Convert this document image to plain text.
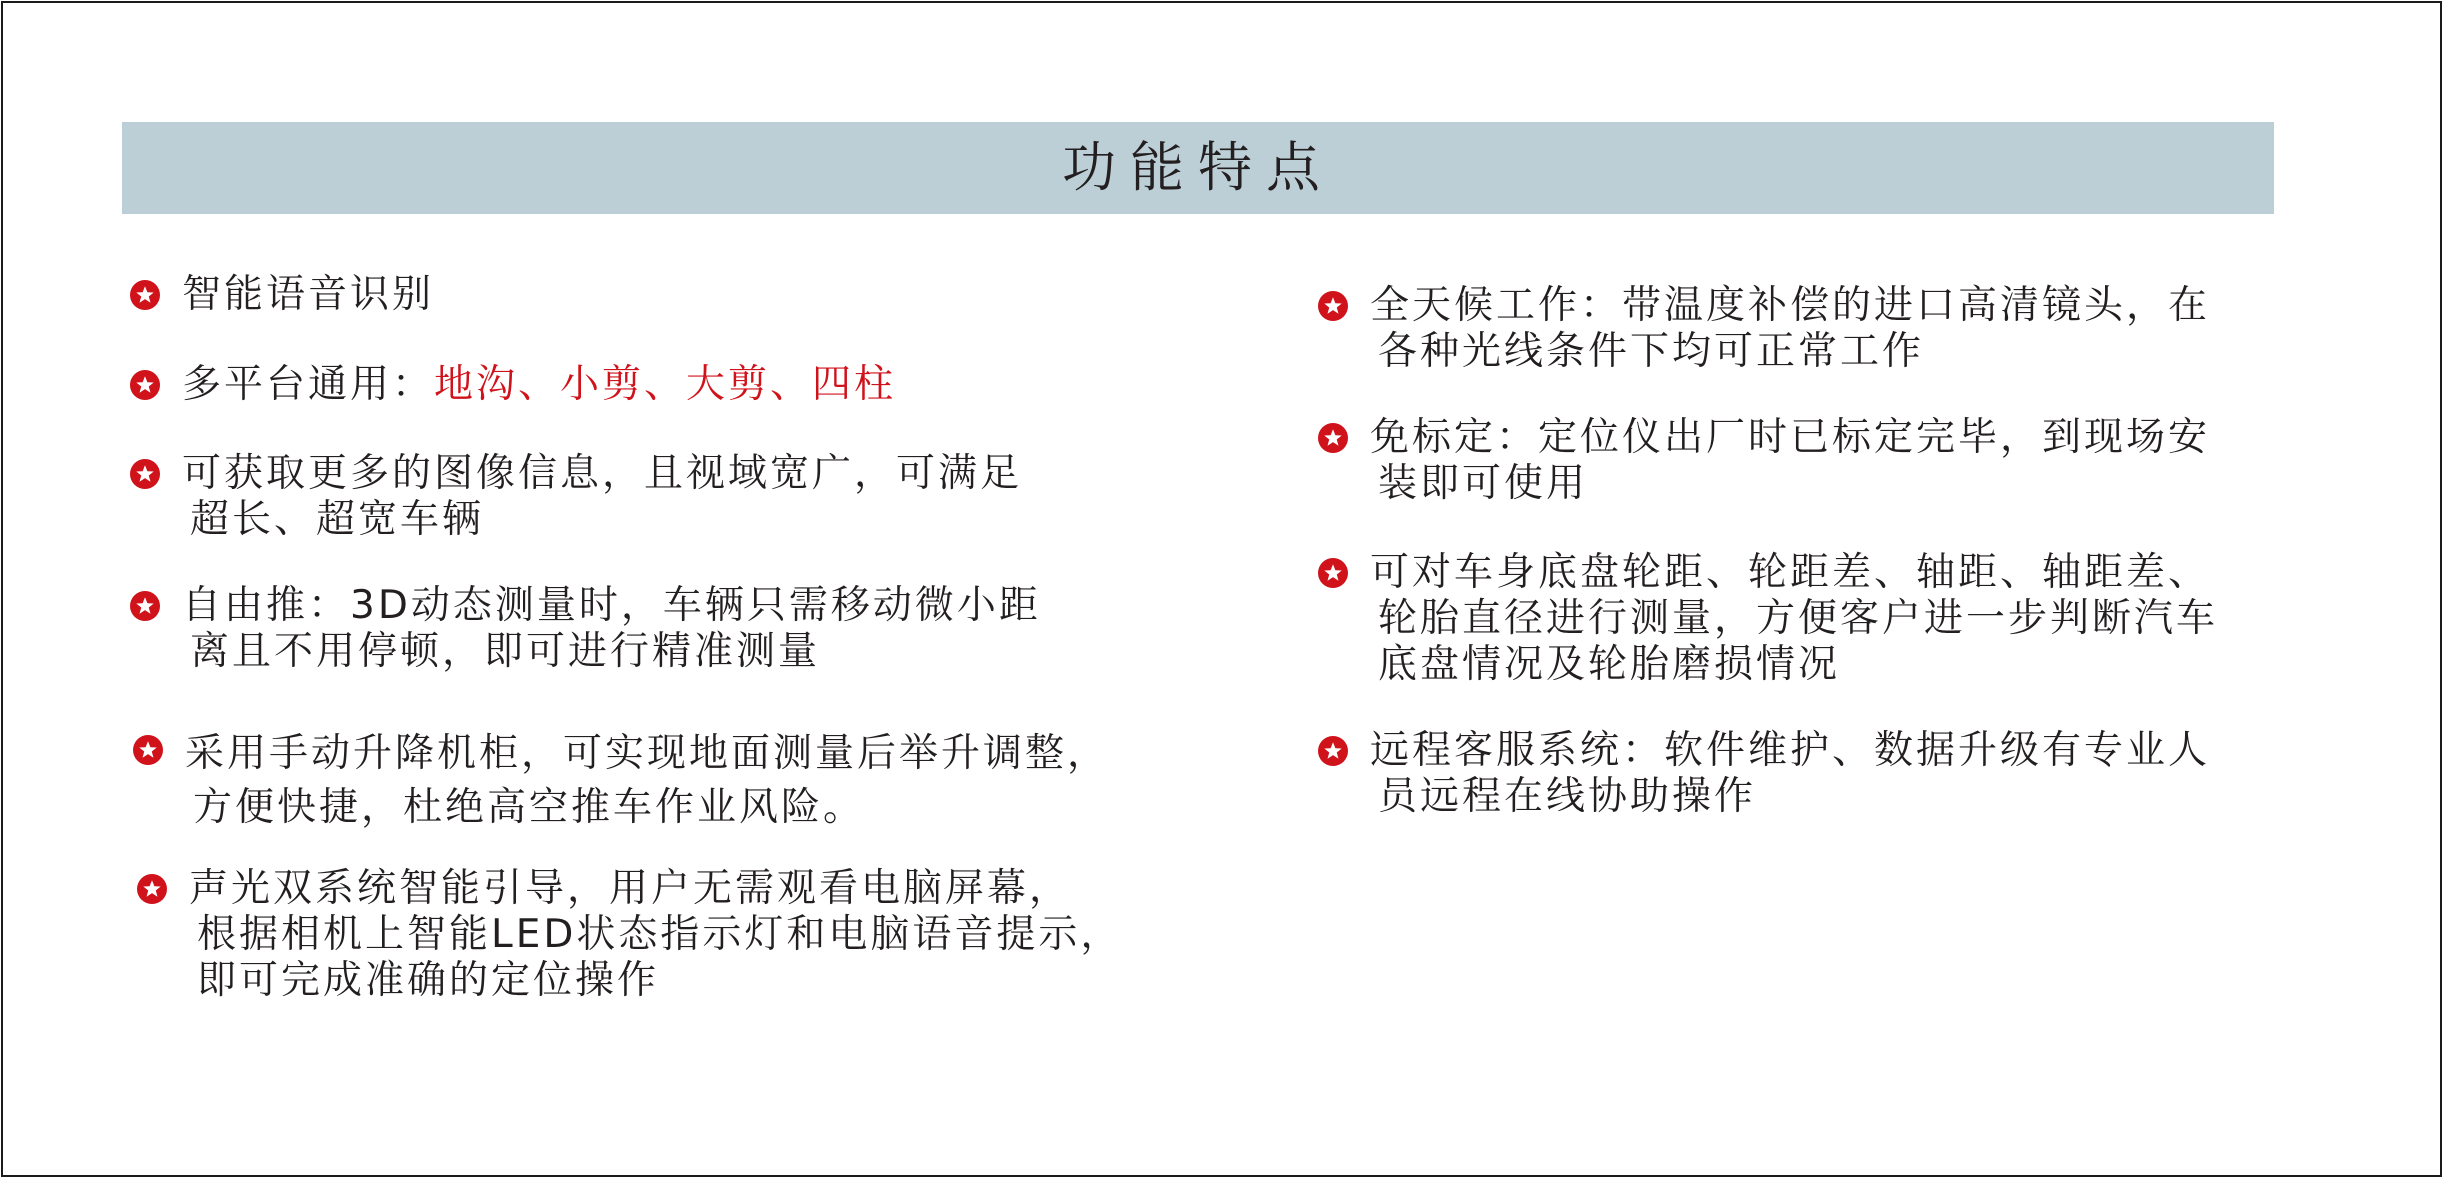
功能特点
智能语音识别
多平台通用：地沟、小剪、大剪、四柱
可获取更多的图像信息，且视域宽广，可满足
超长、超宽车辆
自由推：3D动态测量时，车辆只需移动微小距
离且不用停顿，即可进行精准测量
采用手动升降机柜，可实现地面测量后举升调整，
方便快捷，杜绝高空推车作业风险。
声光双系统智能引导，用户无需观看电脑屏幕，
根据相机上智能LED状态指示灯和电脑语音提示，
即可完成准确的定位操作
全天候工作：带温度补偿的进口高清镜头，在
各种光线条件下均可正常工作
免标定：定位仪出厂时已标定完毕，到现场安
装即可使用
可对车身底盘轮距、轮距差、轴距、轴距差、
轮胎直径进行测量，方便客户进一步判断汽车
底盘情况及轮胎磨损情况
远程客服系统：软件维护、数据升级有专业人
员远程在线协助操作
